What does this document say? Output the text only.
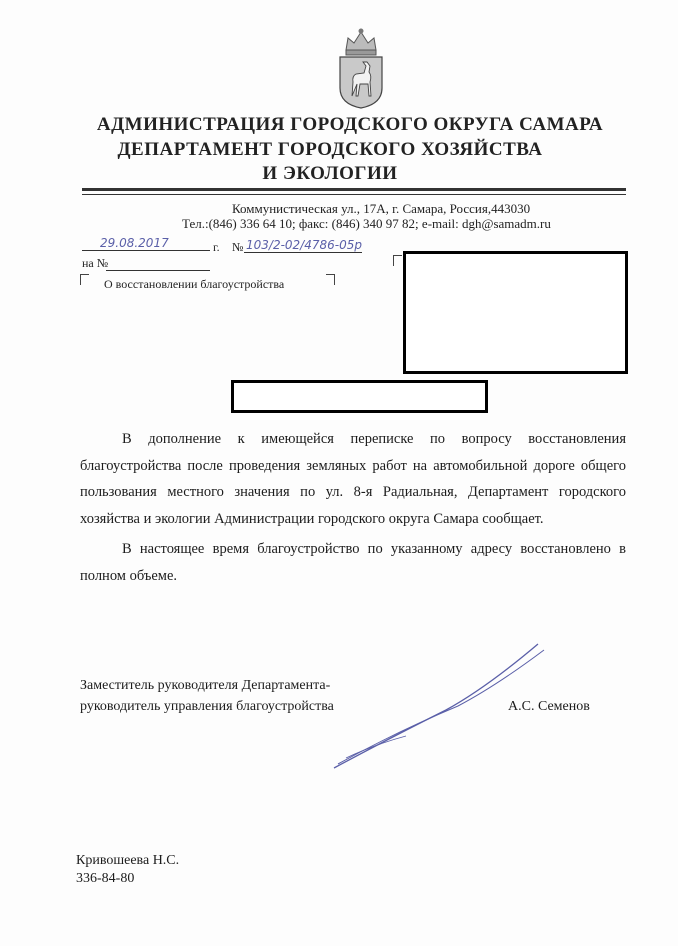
АДМИНИСТРАЦИЯ ГОРОДСКОГО ОКРУГА САМАРА
ДЕПАРТАМЕНТ ГОРОДСКОГО ХОЗЯЙСТВА
И ЭКОЛОГИИ
Коммунистическая ул., 17А, г. Самара, Россия,443030
Тел.:(846) 336 64 10; факс: (846) 340 97 82; e-mail: dgh@samadm.ru
29.08.2017	г. № 103/2-02/4786-05р
на №
О восстановлении благоустройства

В дополнение к имеющейся переписке по вопросу восстановления благоустройства после проведения земляных работ на автомобильной дороге общего пользования местного значения по ул. 8-я Радиальная, Департамент городского хозяйства и экологии Администрации городского округа Самара сообщает.

В настоящее время благоустройство по указанному адресу восстановлено в полном объеме.

Заместитель руководителя Департамента-
руководитель управления благоустройства	А.С. Семенов
Кривошеева Н.С.
336-84-80
